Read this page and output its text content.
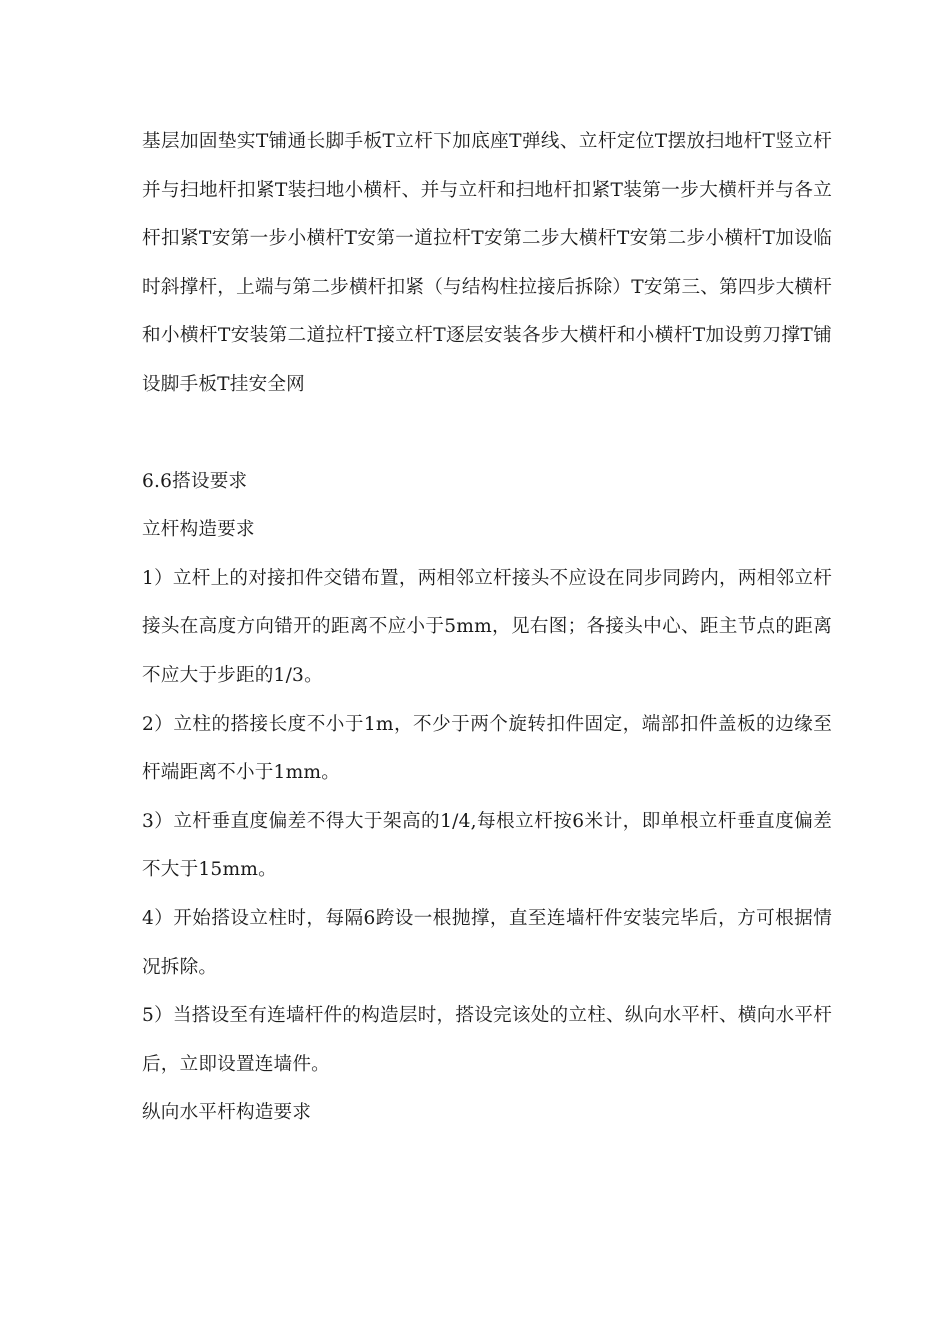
基层加固垫实T铺通长脚手板T立杆下加底座T弹线、立杆定位T摆放扫地杆T竖立杆并与扫地杆扣紧T装扫地小横杆、并与立杆和扫地杆扣紧T装第一步大横杆并与各立杆扣紧T安第一步小横杆T安第一道拉杆T安第二步大横杆T安第二步小横杆T加设临时斜撑杆，上端与第二步横杆扣紧（与结构柱拉接后拆除）T安第三、第四步大横杆和小横杆T安装第二道拉杆T接立杆T逐层安装各步大横杆和小横杆T加设剪刀撑T铺设脚手板T挂安全网

6.6搭设要求

立杆构造要求

1）立杆上的对接扣件交错布置，两相邻立杆接头不应设在同步同跨内，两相邻立杆接头在高度方向错开的距离不应小于5mm，见右图；各接头中心、距主节点的距离不应大于步距的1/3。

2）立柱的搭接长度不小于1m，不少于两个旋转扣件固定，端部扣件盖板的边缘至杆端距离不小于1mm。

3）立杆垂直度偏差不得大于架高的1/4,每根立杆按6米计，即单根立杆垂直度偏差不大于15mm。

4）开始搭设立柱时，每隔6跨设一根抛撑，直至连墙杆件安装完毕后，方可根据情况拆除。

5）当搭设至有连墙杆件的构造层时，搭设完该处的立柱、纵向水平杆、横向水平杆后，立即设置连墙件。

纵向水平杆构造要求
